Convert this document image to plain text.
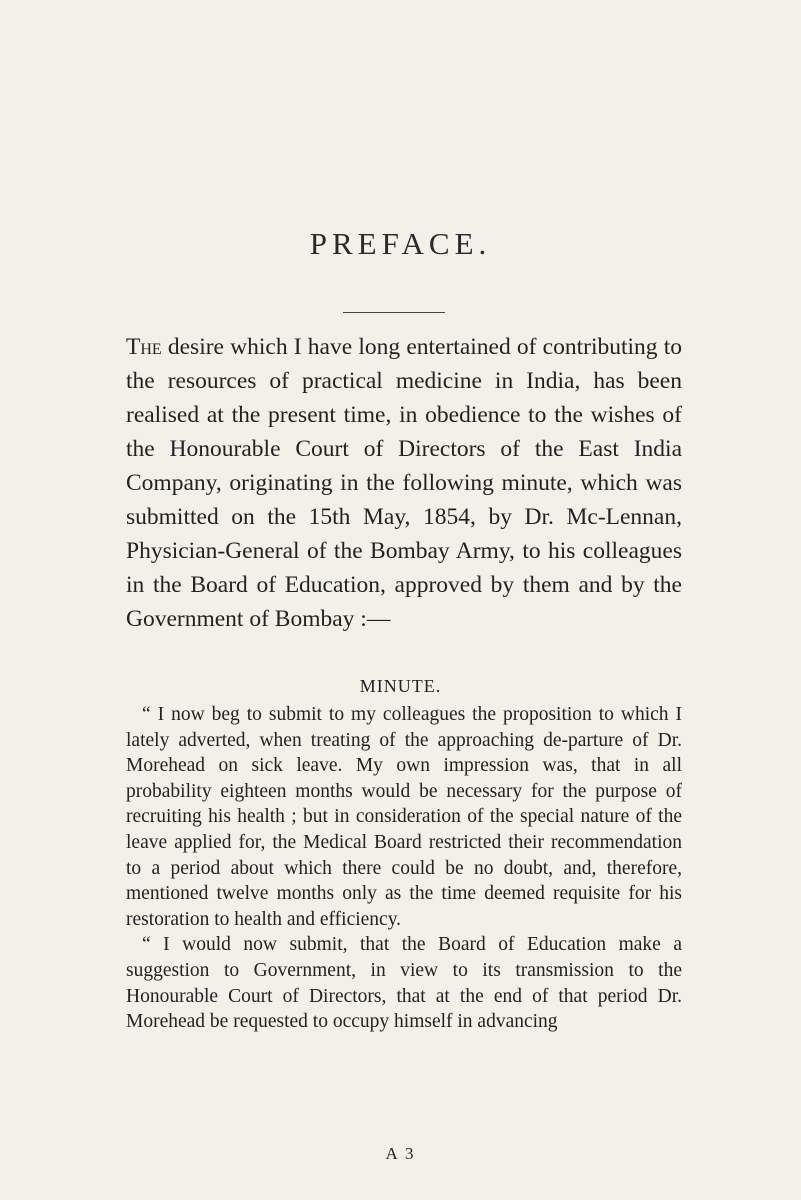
PREFACE.

The desire which I have long entertained of contributing to the resources of practical medicine in India, has been realised at the present time, in obedience to the wishes of the Honourable Court of Directors of the East India Company, originating in the following minute, which was submitted on the 15th May, 1854, by Dr. Mc-Lennan, Physician-General of the Bombay Army, to his colleagues in the Board of Education, approved by them and by the Government of Bombay :—

MINUTE.

“ I now beg to submit to my colleagues the proposition to which I lately adverted, when treating of the approaching de-parture of Dr. Morehead on sick leave. My own impression was, that in all probability eighteen months would be necessary for the purpose of recruiting his health ; but in consideration of the special nature of the leave applied for, the Medical Board restricted their recommendation to a period about which there could be no doubt, and, therefore, mentioned twelve months only as the time deemed requisite for his restoration to health and efficiency.

“ I would now submit, that the Board of Education make a suggestion to Government, in view to its transmission to the Honourable Court of Directors, that at the end of that period Dr. Morehead be requested to occupy himself in advancing

A 3
